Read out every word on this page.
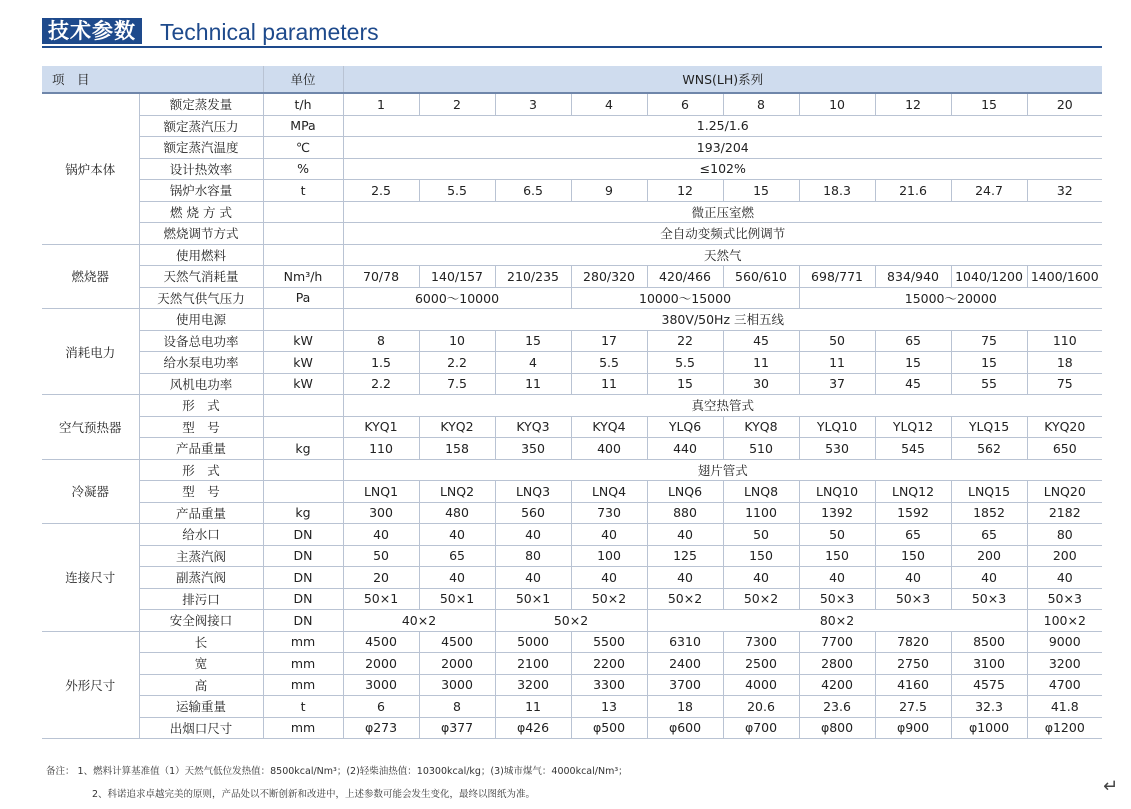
技术参数 Technical parameters
项　目		单位	WNS(LH)系列									
锅炉本体	额定蒸发量	t/h	1	2	3	4	6	8	10	12	15	20
	额定蒸汽压力	MPa	1.25/1.6									
	额定蒸汽温度	℃	193/204									
	设计热效率	%	≤102%									
	锅炉水容量	t	2.5	5.5	6.5	9	12	15	18.3	21.6	24.7	32
	燃 烧 方 式		微正压室燃									
	燃烧调节方式		全自动变频式比例调节									
燃烧器	使用燃料		天然气									
	天然气消耗量	Nm³/h	70/78	140/157	210/235	280/320	420/466	560/610	698/771	834/940	1040/1200	1400/1600
	天然气供气压力	Pa	6000～10000			10000～15000			15000～20000			
消耗电力	使用电源		380V/50Hz 三相五线									
	设备总电功率	kW	8	10	15	17	22	45	50	65	75	110
	给水泵电功率	kW	1.5	2.2	4	5.5	5.5	11	11	15	15	18
	风机电功率	kW	2.2	7.5	11	11	15	30	37	45	55	75
空气预热器	形　式		真空热管式									
	型　号		KYQ1	KYQ2	KYQ3	KYQ4	YLQ6	KYQ8	YLQ10	YLQ12	YLQ15	KYQ20
	产品重量	kg	110	158	350	400	440	510	530	545	562	650
冷凝器	形　式		翅片管式									
	型　号		LNQ1	LNQ2	LNQ3	LNQ4	LNQ6	LNQ8	LNQ10	LNQ12	LNQ15	LNQ20
	产品重量	kg	300	480	560	730	880	1100	1392	1592	1852	2182
连接尺寸	给水口	DN	40	40	40	40	40	50	50	65	65	80
	主蒸汽阀	DN	50	65	80	100	125	150	150	150	200	200
	副蒸汽阀	DN	20	40	40	40	40	40	40	40	40	40
	排污口	DN	50×1	50×1	50×1	50×2	50×2	50×2	50×3	50×3	50×3	50×3
	安全阀接口	DN	40×2		50×2		80×2					100×2
外形尺寸	长	mm	4500	4500	5000	5500	6310	7300	7700	7820	8500	9000
	宽	mm	2000	2000	2100	2200	2400	2500	2800	2750	3100	3200
	高	mm	3000	3000	3200	3300	3700	4000	4200	4160	4575	4700
	运输重量	t	6	8	11	13	18	20.6	23.6	27.5	32.3	41.8
	出烟口尺寸	mm	φ273	φ377	φ426	φ500	φ600	φ700	φ800	φ900	φ1000	φ1200
备注： 1、燃料计算基准值（1）天然气低位发热值：8500kcal/Nm³；(2)轻柴油热值：10300kcal/kg；(3)城市煤气：4000kcal/Nm³；
2、科诺追求卓越完美的原则，产品处以不断创新和改进中，上述参数可能会发生变化，最终以图纸为准。	↵
